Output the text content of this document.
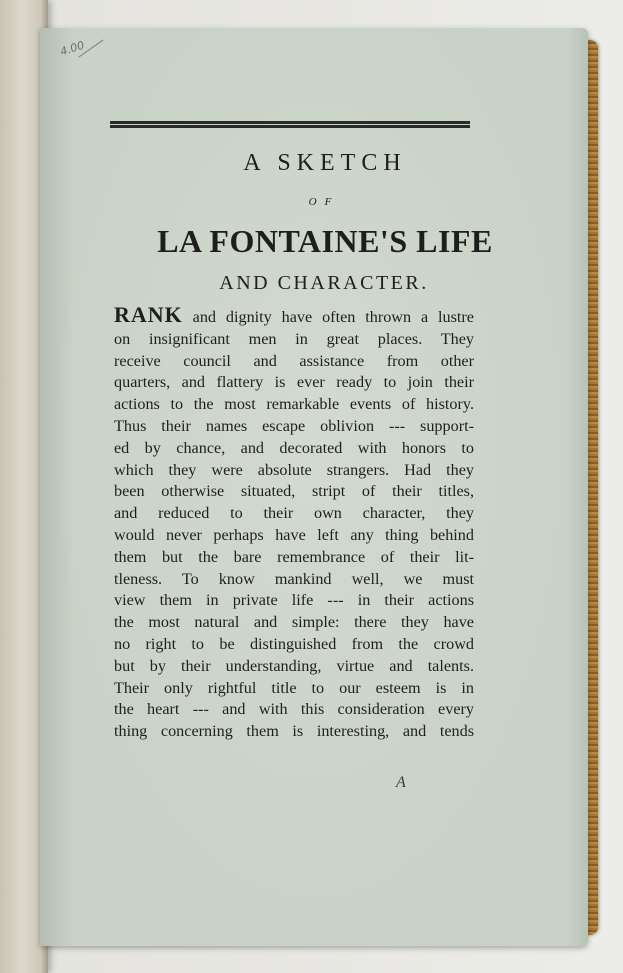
4.00

A SKETCH

OF

LA FONTAINE'S LIFE

AND CHARACTER.

RANK and dignity have often thrown a lustre
on insignificant men in great places. They
receive council and assistance from other
quarters, and flattery is ever ready to join their
actions to the most remarkable events of history.
Thus their names escape oblivion --- support-
ed by chance, and decorated with honors to
which they were absolute strangers. Had they
been otherwise situated, stript of their titles,
and reduced to their own character, they
would never perhaps have left any thing behind
them but the bare remembrance of their lit-
tleness. To know mankind well, we must
view them in private life --- in their actions
the most natural and simple: there they have
no right to be distinguished from the crowd
but by their understanding, virtue and talents.
Their only rightful title to our esteem is in
the heart --- and with this consideration every
thing concerning them is interesting, and tends
A
